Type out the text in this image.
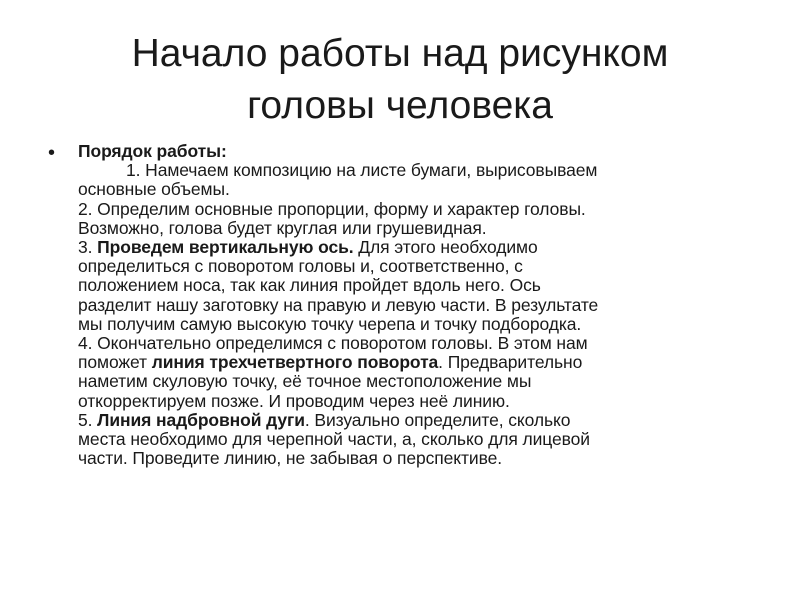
Начало работы над рисунком
головы человека
• Порядок работы:
1. Намечаем композицию на листе бумаги, вырисовываем
основные объемы.
2. Определим основные пропорции, форму и характер головы.
Возможно, голова будет круглая или грушевидная.
3. Проведем вертикальную ось. Для этого необходимо
определиться с поворотом головы и, соответственно, с
положением носа, так как линия пройдет вдоль него. Ось
разделит нашу заготовку на правую и левую части. В результате
мы получим самую высокую точку черепа и точку подбородка.
4. Окончательно определимся с поворотом головы. В этом нам
поможет линия трехчетвертного поворота. Предварительно
наметим скуловую точку, её точное местоположение мы
откорректируем позже. И проводим через неё линию.
5. Линия надбровной дуги. Визуально определите, сколько
места необходимо для черепной части, а, сколько для лицевой
части. Проведите линию, не забывая о перспективе.
